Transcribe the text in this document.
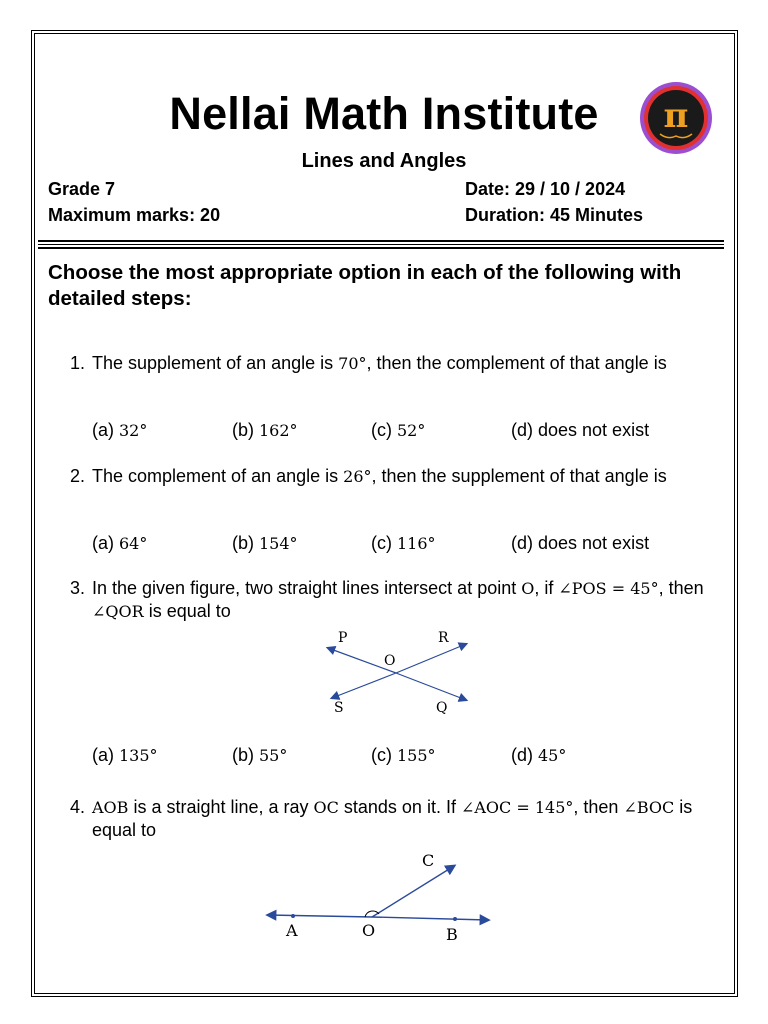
Nellai Math Institute	π
Lines and Angles
Grade 7
Maximum marks: 20
Date: 29 / 10 / 2024
Duration: 45 Minutes
Choose the most appropriate option in each of the following with detailed steps:
1. The supplement of an angle is 70°, then the complement of that angle is
(a) 32°	(b) 162°	(c) 52°	(d) does not exist
2. The complement of an angle is 26°, then the supplement of that angle is
(a) 64°	(b) 154°	(c) 116°	(d) does not exist
3. In the given figure, two straight lines intersect at point O, if ∠POS = 45°, then ∠QOR is equal to
P	R
O
S	Q
(a) 135°	(b) 55°	(c) 155°	(d) 45°
4. AOB is a straight line, a ray OC stands on it. If ∠AOC = 145°, then ∠BOC is equal to
C
A	O	B
